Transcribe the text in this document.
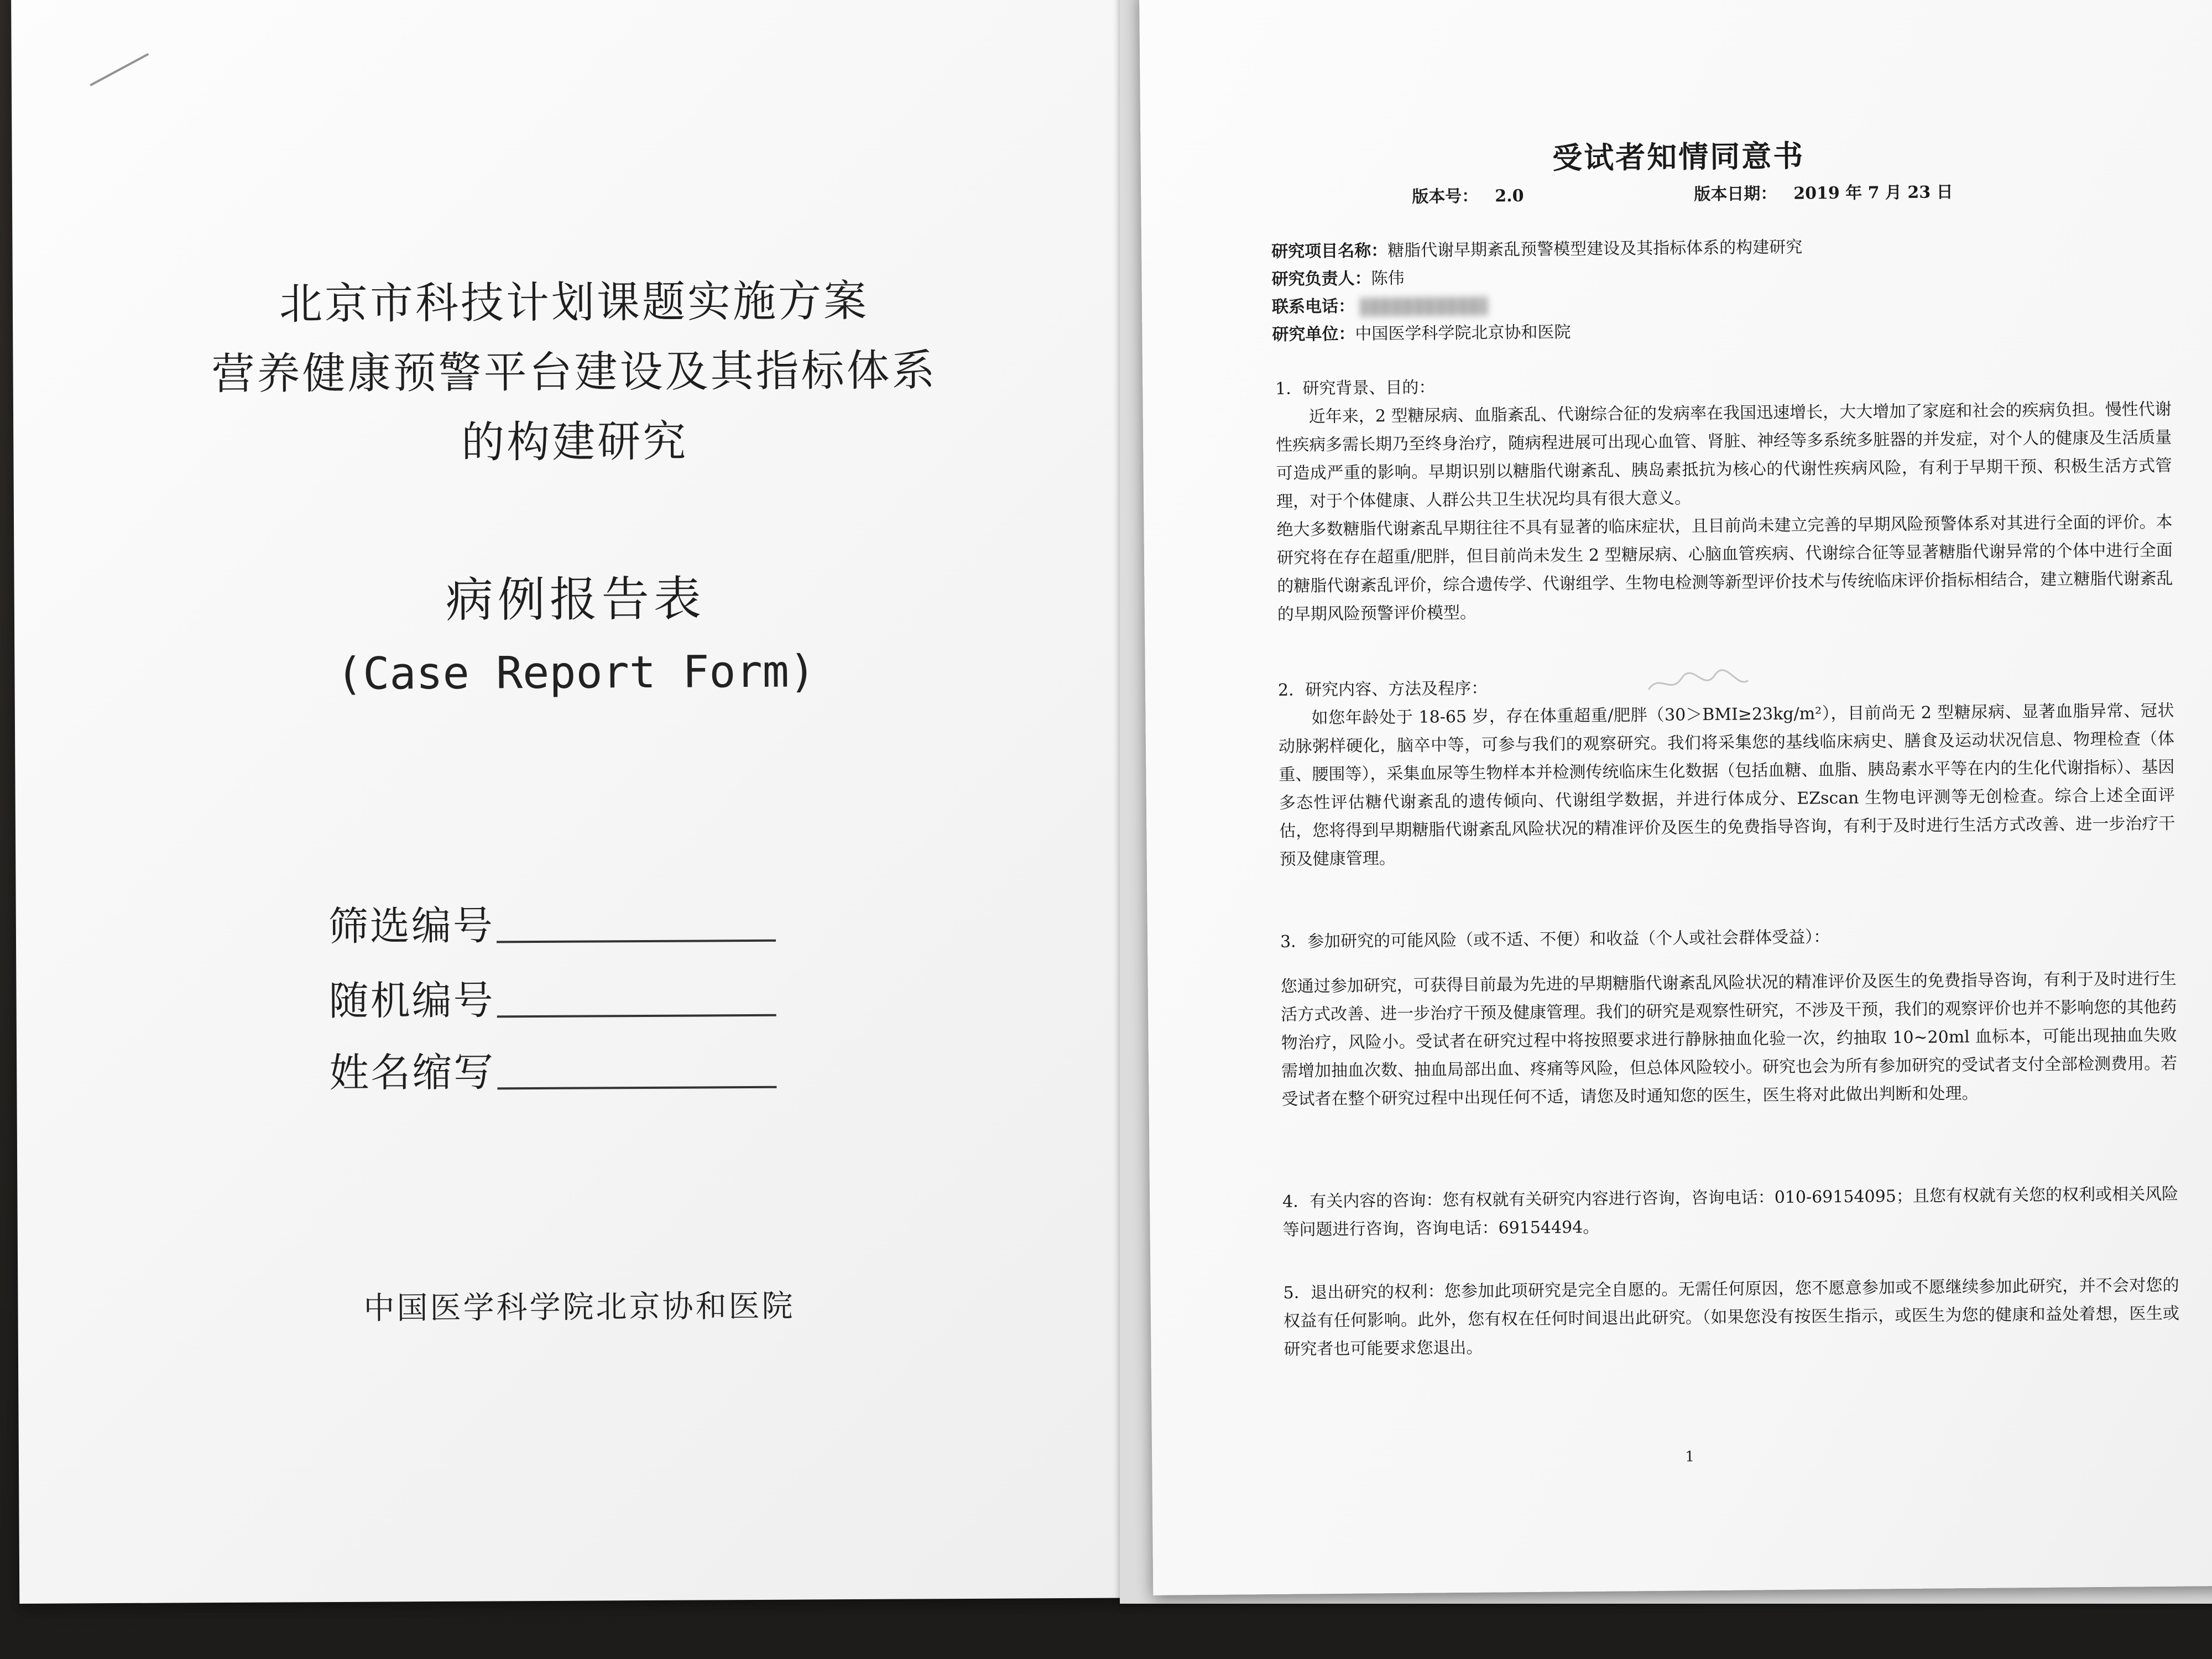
北京市科技计划课题实施方案
营养健康预警平台建设及其指标体系
的构建研究
病例报告表
(Case Report Form)
筛选编号
随机编号
姓名缩写
中国医学科学院北京协和医院
受试者知情同意书
版本号： 2.0	版本日期： 2019 年 7 月 23 日
研究项目名称：糖脂代谢早期紊乱预警模型建设及其指标体系的构建研究
研究负责人：陈伟
联系电话：
研究单位：中国医学科学院北京协和医院
1．研究背景、目的：

近年来，2 型糖尿病、血脂紊乱、代谢综合征的发病率在我国迅速增长，大大增加了家庭和社会的疾病负担。慢性代谢性疾病多需长期乃至终身治疗，随病程进展可出现心血管、肾脏、神经等多系统多脏器的并发症，对个人的健康及生活质量可造成严重的影响。早期识别以糖脂代谢紊乱、胰岛素抵抗为核心的代谢性疾病风险，有利于早期干预、积极生活方式管理，对于个体健康、人群公共卫生状况均具有很大意义。

绝大多数糖脂代谢紊乱早期往往不具有显著的临床症状，且目前尚未建立完善的早期风险预警体系对其进行全面的评价。本研究将在存在超重/肥胖，但目前尚未发生 2 型糖尿病、心脑血管疾病、代谢综合征等显著糖脂代谢异常的个体中进行全面的糖脂代谢紊乱评价，综合遗传学、代谢组学、生物电检测等新型评价技术与传统临床评价指标相结合，建立糖脂代谢紊乱的早期风险预警评价模型。

2．研究内容、方法及程序：

如您年龄处于 18-65 岁，存在体重超重/肥胖（30＞BMI≥23kg/m²），目前尚无 2 型糖尿病、显著血脂异常、冠状动脉粥样硬化，脑卒中等，可参与我们的观察研究。我们将采集您的基线临床病史、膳食及运动状况信息、物理检查（体重、腰围等），采集血尿等生物样本并检测传统临床生化数据（包括血糖、血脂、胰岛素水平等在内的生化代谢指标）、基因多态性评估糖代谢紊乱的遗传倾向、代谢组学数据，并进行体成分、EZscan 生物电评测等无创检查。综合上述全面评估，您将得到早期糖脂代谢紊乱风险状况的精准评价及医生的免费指导咨询，有利于及时进行生活方式改善、进一步治疗干预及健康管理。

3．参加研究的可能风险（或不适、不便）和收益（个人或社会群体受益）：

您通过参加研究，可获得目前最为先进的早期糖脂代谢紊乱风险状况的精准评价及医生的免费指导咨询，有利于及时进行生活方式改善、进一步治疗干预及健康管理。我们的研究是观察性研究，不涉及干预，我们的观察评价也并不影响您的其他药物治疗，风险小。受试者在研究过程中将按照要求进行静脉抽血化验一次，约抽取 10~20ml 血标本，可能出现抽血失败需增加抽血次数、抽血局部出血、疼痛等风险，但总体风险较小。研究也会为所有参加研究的受试者支付全部检测费用。若受试者在整个研究过程中出现任何不适，请您及时通知您的医生，医生将对此做出判断和处理。

4．有关内容的咨询：您有权就有关研究内容进行咨询，咨询电话：010-69154095；且您有权就有关您的权利或相关风险等问题进行咨询，咨询电话：69154494。

5．退出研究的权利：您参加此项研究是完全自愿的。无需任何原因，您不愿意参加或不愿继续参加此研究，并不会对您的权益有任何影响。此外，您有权在任何时间退出此研究。（如果您没有按医生指示，或医生为您的健康和益处着想，医生或研究者也可能要求您退出。

1
